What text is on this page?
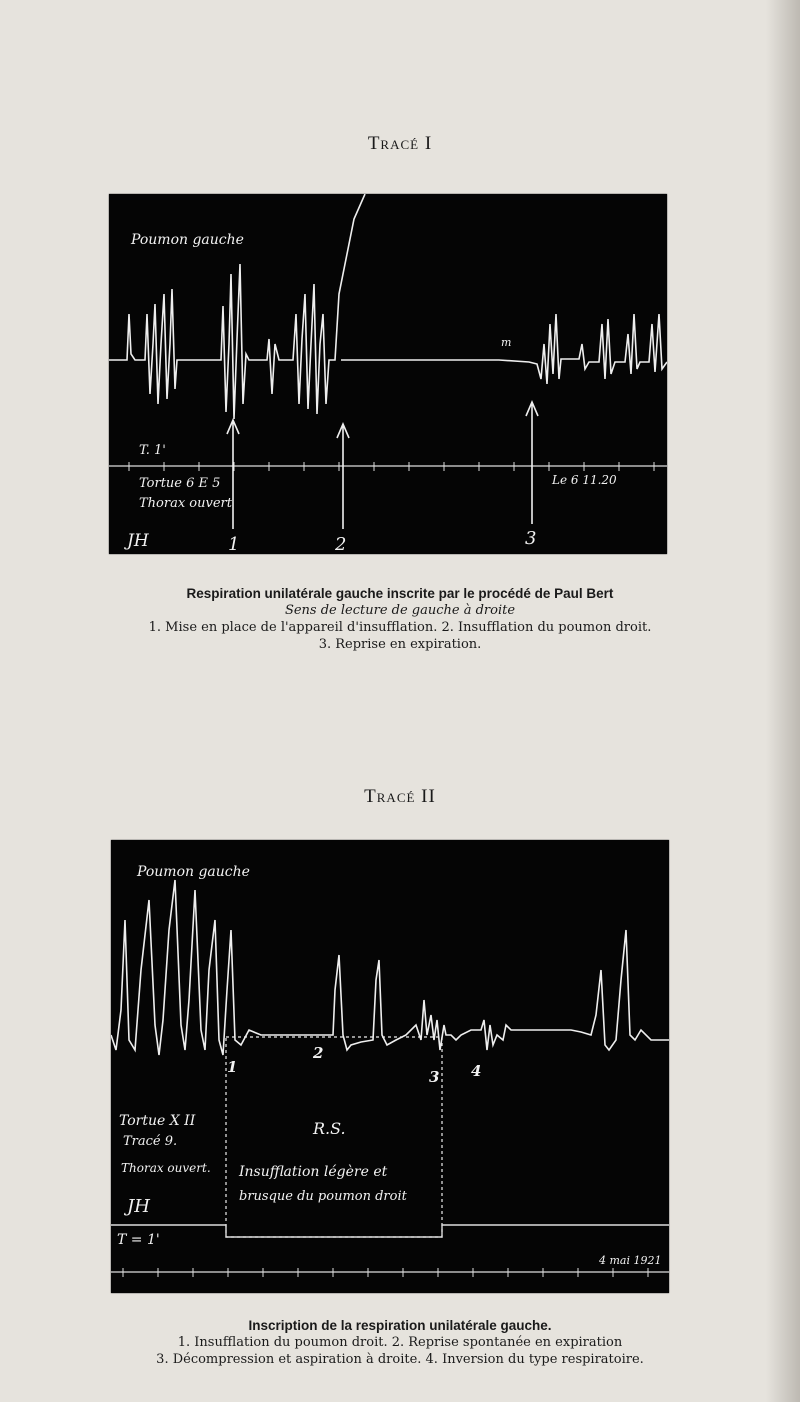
Tracé I
Poumon gauche
T. 1'
Tortue 6 E 5
Thorax ouvert
Le 6 11.20
m
JH	1	2	3
Respiration unilatérale gauche inscrite par le procédé de Paul Bert
Sens de lecture de gauche à droite
1. Mise en place de l'appareil d'insufflation. 2. Insufflation du poumon droit.
3. Reprise en expiration.
Tracé II
Poumon gauche
1
2
3 4
R.S.
Insufflation légère et
brusque du poumon droit
Tortue X II
Tracé 9.
Thorax ouvert.
JH
T = 1'
4 mai 1921
Inscription de la respiration unilatérale gauche.
1. Insufflation du poumon droit. 2. Reprise spontanée en expiration
3. Décompression et aspiration à droite. 4. Inversion du type respiratoire.
